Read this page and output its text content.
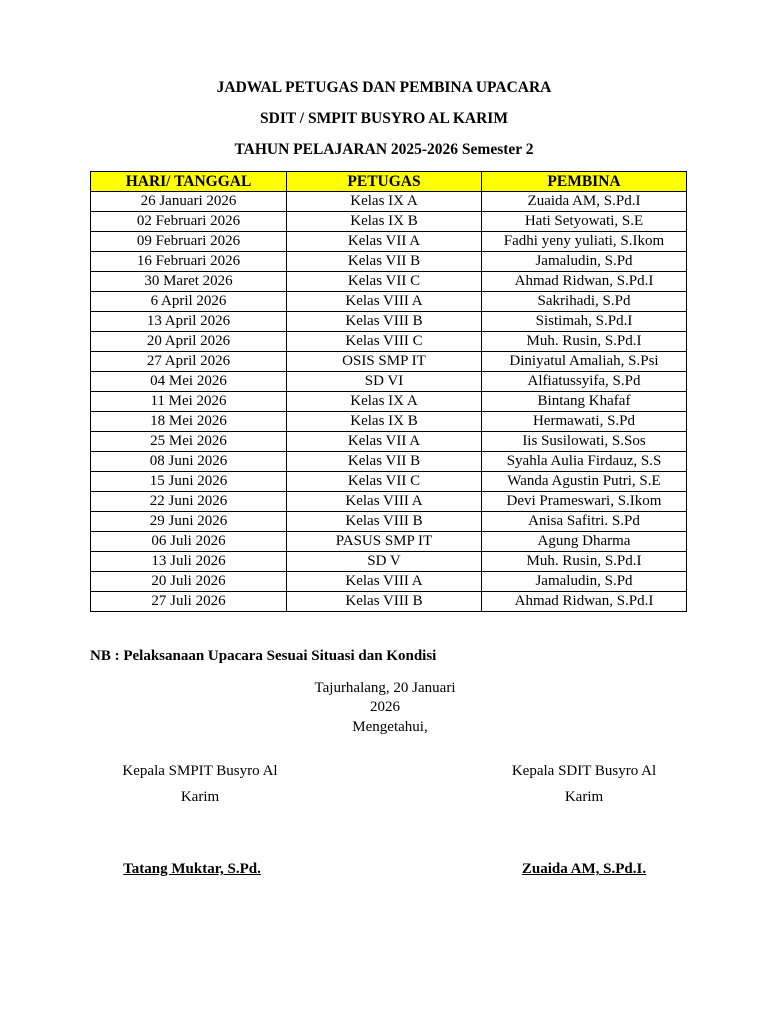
JADWAL PETUGAS DAN PEMBINA UPACARA
SDIT / SMPIT BUSYRO AL KARIM
TAHUN PELAJARAN 2025-2026 Semester 2
HARI/ TANGGAL	PETUGAS	PEMBINA
26 Januari 2026	Kelas IX A	Zuaida AM, S.Pd.I
02 Februari 2026	Kelas IX B	Hati Setyowati, S.E
09 Februari 2026	Kelas VII A	Fadhi yeny yuliati, S.Ikom
16 Februari 2026	Kelas VII B	Jamaludin, S.Pd
30 Maret 2026	Kelas VII C	Ahmad Ridwan, S.Pd.I
6 April 2026	Kelas VIII A	Sakrihadi, S.Pd
13 April 2026	Kelas VIII B	Sistimah, S.Pd.I
20 April 2026	Kelas VIII C	Muh. Rusin, S.Pd.I
27 April 2026	OSIS SMP IT	Diniyatul Amaliah, S.Psi
04 Mei 2026	SD VI	Alfiatussyifa, S.Pd
11 Mei 2026	Kelas IX A	Bintang Khafaf
18 Mei 2026	Kelas IX B	Hermawati, S.Pd
25 Mei 2026	Kelas VII A	Iis Susilowati, S.Sos
08 Juni 2026	Kelas VII B	Syahla Aulia Firdauz, S.S
15 Juni 2026	Kelas VII C	Wanda Agustin Putri, S.E
22 Juni 2026	Kelas VIII A	Devi Prameswari, S.Ikom
29 Juni 2026	Kelas VIII B	Anisa Safitri. S.Pd
06 Juli 2026	PASUS SMP IT	Agung Dharma
13 Juli 2026	SD V	Muh. Rusin, S.Pd.I
20 Juli 2026	Kelas VIII A	Jamaludin, S.Pd
27 Juli 2026	Kelas VIII B	Ahmad Ridwan, S.Pd.I
NB : Pelaksanaan Upacara Sesuai Situasi dan Kondisi
Tajurhalang, 20 Januari
2026
Mengetahui,
Kepala SMPIT Busyro Al
Karim
Kepala SDIT Busyro Al
Karim
Tatang Muktar, S.Pd.	Zuaida AM, S.Pd.I.
